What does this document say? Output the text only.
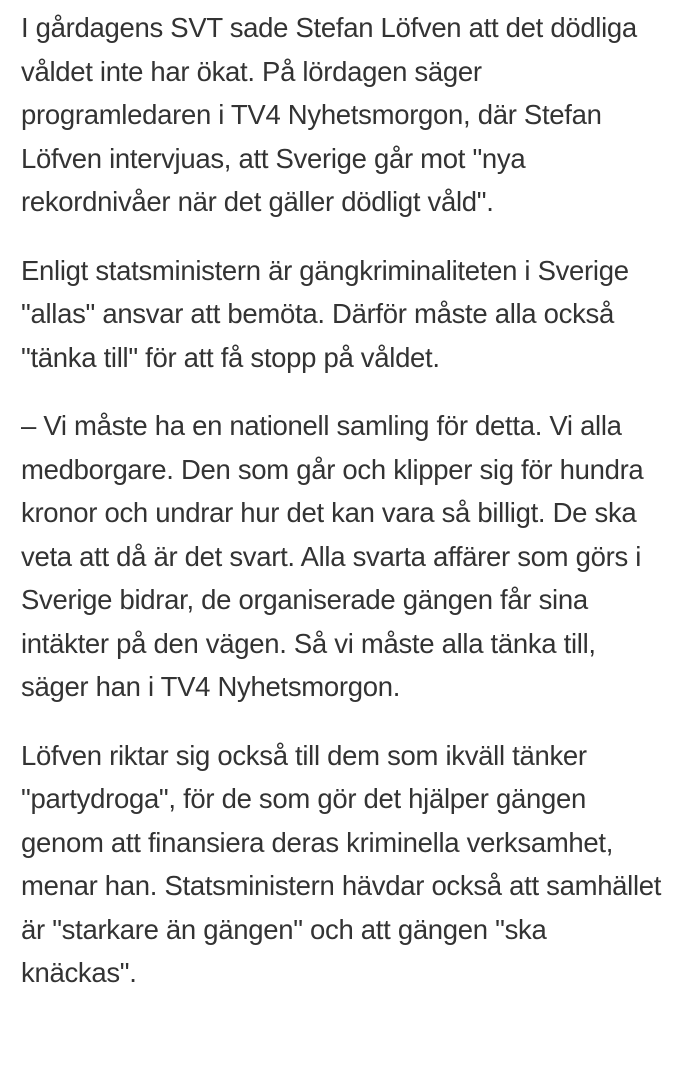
I gårdagens SVT sade Stefan Löfven att det dödliga våldet inte har ökat. På lördagen säger programledaren i TV4 Nyhetsmorgon, där Stefan Löfven intervjuas, att Sverige går mot "nya rekordnivåer när det gäller dödligt våld".

Enligt statsministern är gängkriminaliteten i Sverige "allas" ansvar att bemöta. Därför måste alla också "tänka till" för att få stopp på våldet.

– Vi måste ha en nationell samling för detta. Vi alla medborgare. Den som går och klipper sig för hundra kronor och undrar hur det kan vara så billigt. De ska veta att då är det svart. Alla svarta affärer som görs i Sverige bidrar, de organiserade gängen får sina intäkter på den vägen. Så vi måste alla tänka till, säger han i TV4 Nyhetsmorgon.

Löfven riktar sig också till dem som ikväll tänker "partydroga", för de som gör det hjälper gängen genom att finansiera deras kriminella verksamhet, menar han. Statsministern hävdar också att samhället är "starkare än gängen" och att gängen "ska knäckas".
